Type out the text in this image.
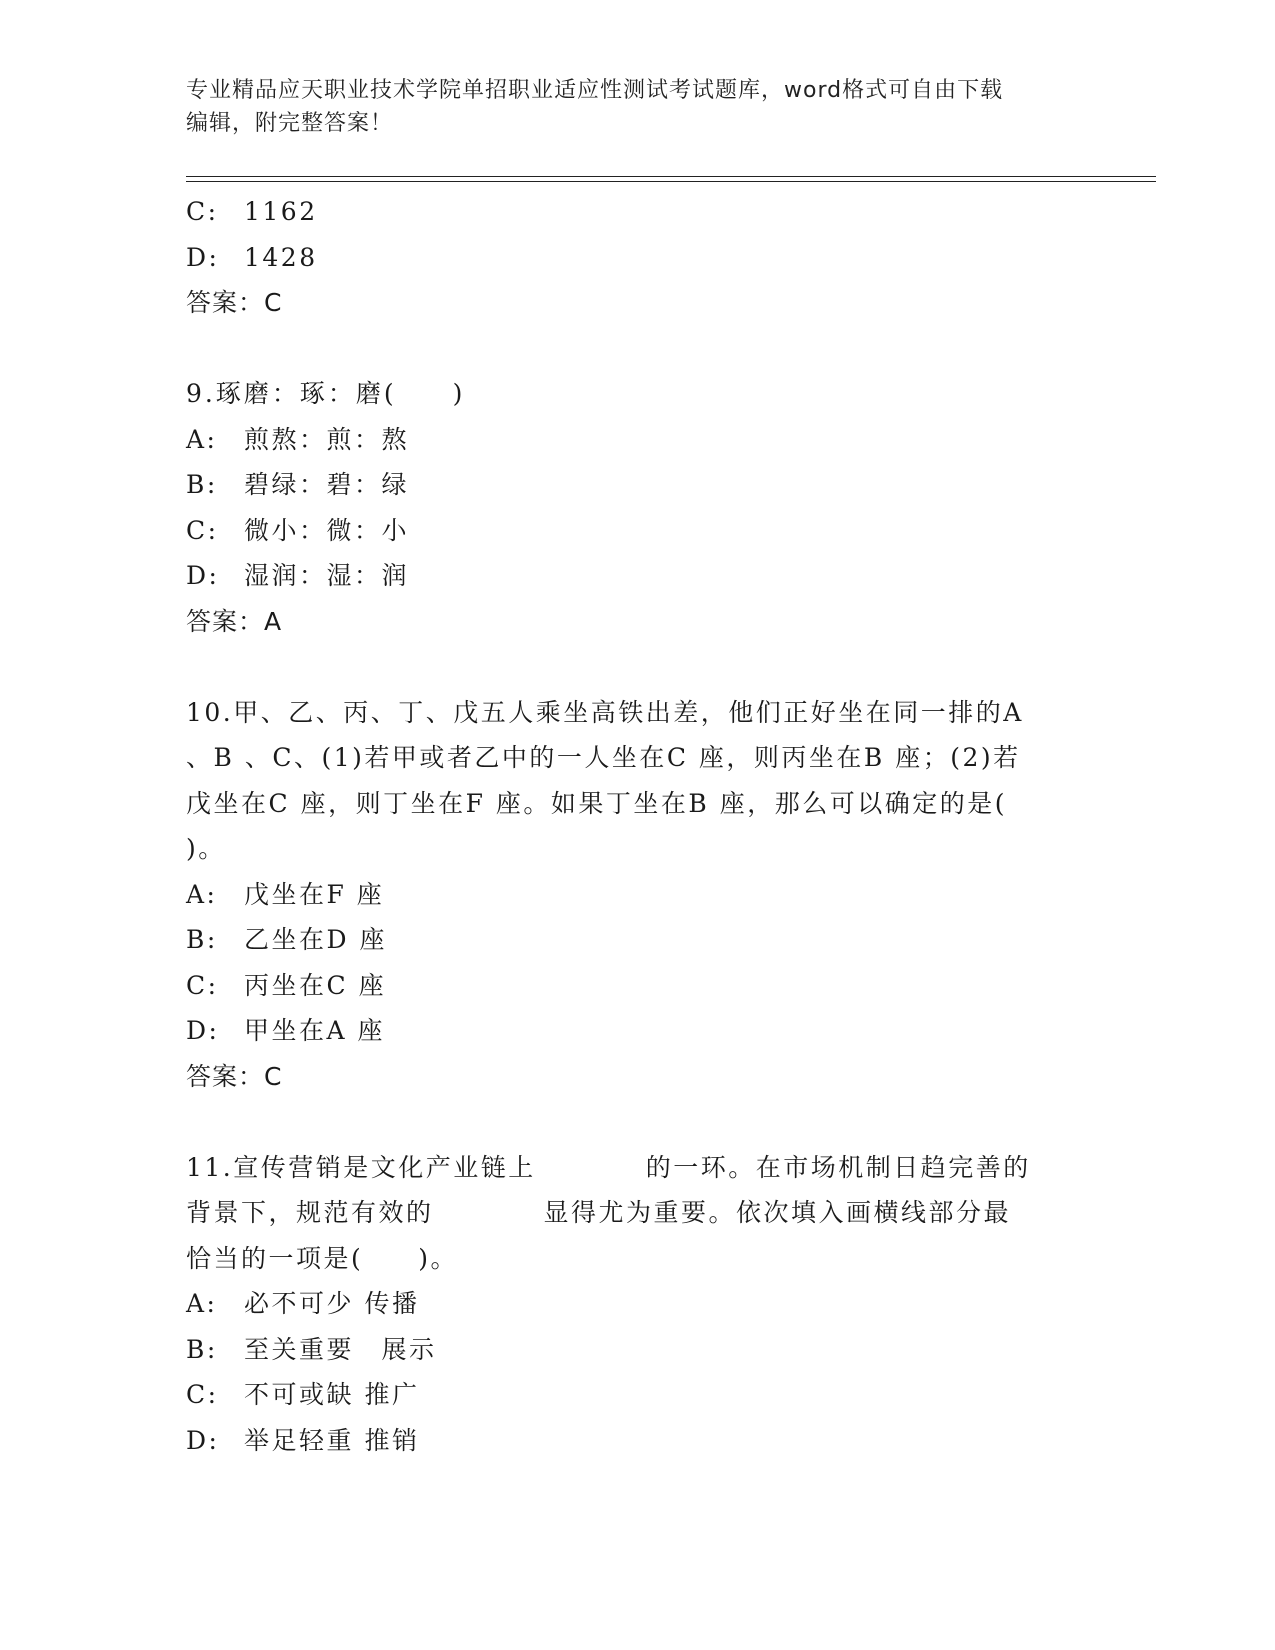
专业精品应天职业技术学院单招职业适应性测试考试题库，word格式可自由下载
编辑，附完整答案！
C:	1162
D: 1428
答案：C
9.琢磨：琢：磨(　　)
A:	煎熬：煎：熬
B:	碧绿：碧：绿
C:	微小：微：小
D: 湿润：湿：润
答案：A
10.甲、乙、丙、丁、戊五人乘坐高铁出差，他们正好坐在同一排的A
、B 、C、(1)若甲或者乙中的一人坐在C 座，则丙坐在B 座；(2)若
戊坐在C 座，则丁坐在F 座。如果丁坐在B 座，那么可以确定的是(
)。
A:	戊坐在F 座
B:	乙坐在D 座
C:	丙坐在C 座
D: 甲坐在A 座
答案：C
11.宣传营销是文化产业链上　　　　的一环。在市场机制日趋完善的
背景下，规范有效的　　　　显得尤为重要。依次填入画横线部分最
恰当的一项是(　　)。
A:	必不可少 传播
B:	至关重要　展示
C:	不可或缺 推广
D: 举足轻重 推销
